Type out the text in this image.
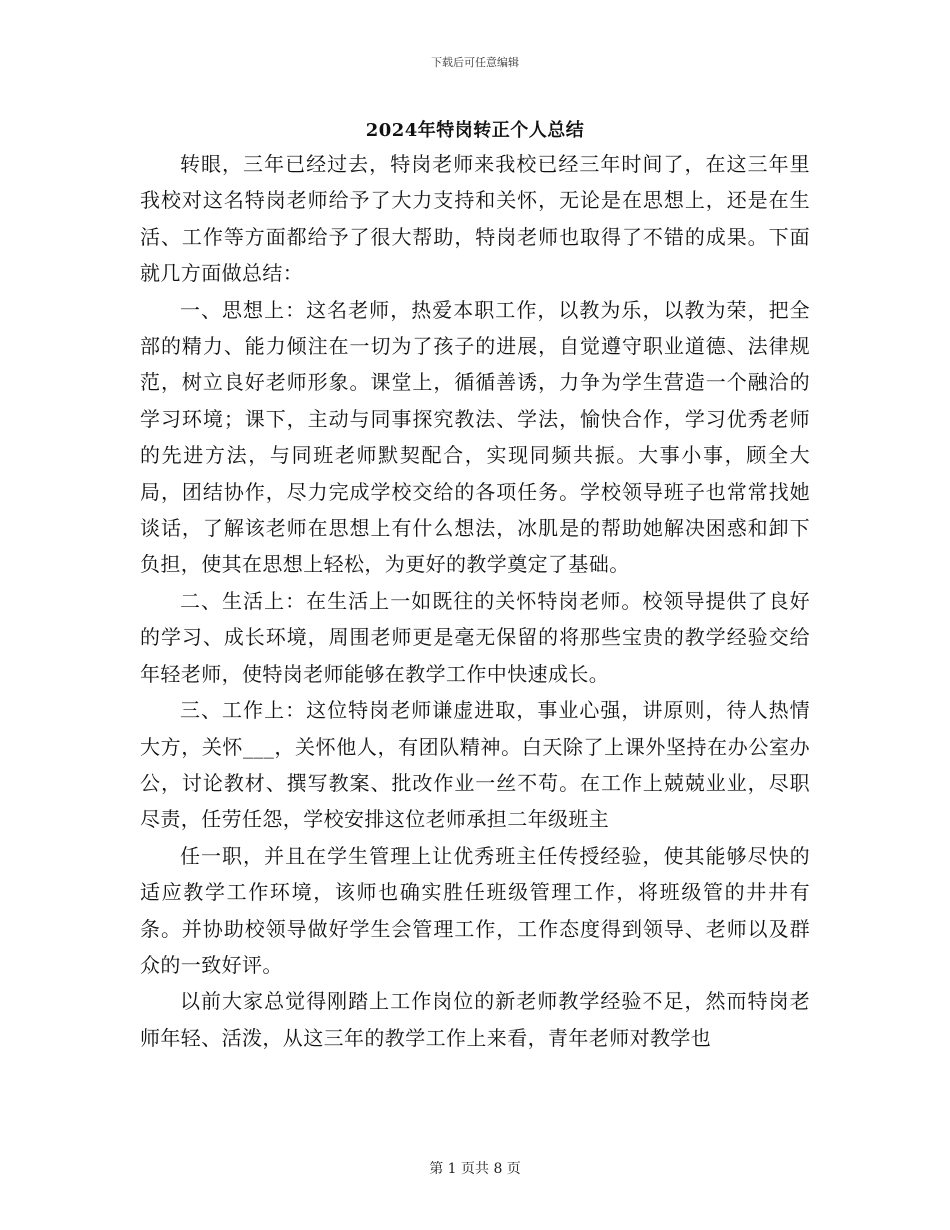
下载后可任意编辑
2024年特岗转正个人总结

转眼，三年已经过去，特岗老师来我校已经三年时间了，在这三年里我校对这名特岗老师给予了大力支持和关怀，无论是在思想上，还是在生活、工作等方面都给予了很大帮助，特岗老师也取得了不错的成果。下面就几方面做总结：

一、思想上：这名老师，热爱本职工作，以教为乐，以教为荣，把全部的精力、能力倾注在一切为了孩子的进展，自觉遵守职业道德、法律规范，树立良好老师形象。课堂上，循循善诱，力争为学生营造一个融洽的学习环境；课下，主动与同事探究教法、学法，愉快合作，学习优秀老师的先进方法，与同班老师默契配合，实现同频共振。大事小事，顾全大局，团结协作，尽力完成学校交给的各项任务。学校领导班子也常常找她谈话，了解该老师在思想上有什么想法，冰肌是的帮助她解决困惑和卸下负担，使其在思想上轻松，为更好的教学奠定了基础。

二、生活上：在生活上一如既往的关怀特岗老师。校领导提供了良好的学习、成长环境，周围老师更是毫无保留的将那些宝贵的教学经验交给年轻老师，使特岗老师能够在教学工作中快速成长。

三、工作上：这位特岗老师谦虚进取，事业心强，讲原则，待人热情大方，关怀___，关怀他人，有团队精神。白天除了上课外坚持在办公室办公，讨论教材、撰写教案、批改作业一丝不苟。在工作上兢兢业业，尽职尽责，任劳任怨，学校安排这位老师承担二年级班主

任一职，并且在学生管理上让优秀班主任传授经验，使其能够尽快的适应教学工作环境，该师也确实胜任班级管理工作，将班级管的井井有条。并协助校领导做好学生会管理工作，工作态度得到领导、老师以及群众的一致好评。

以前大家总觉得刚踏上工作岗位的新老师教学经验不足，然而特岗老师年轻、活泼，从这三年的教学工作上来看，青年老师对教学也

第 1 页共 8 页
